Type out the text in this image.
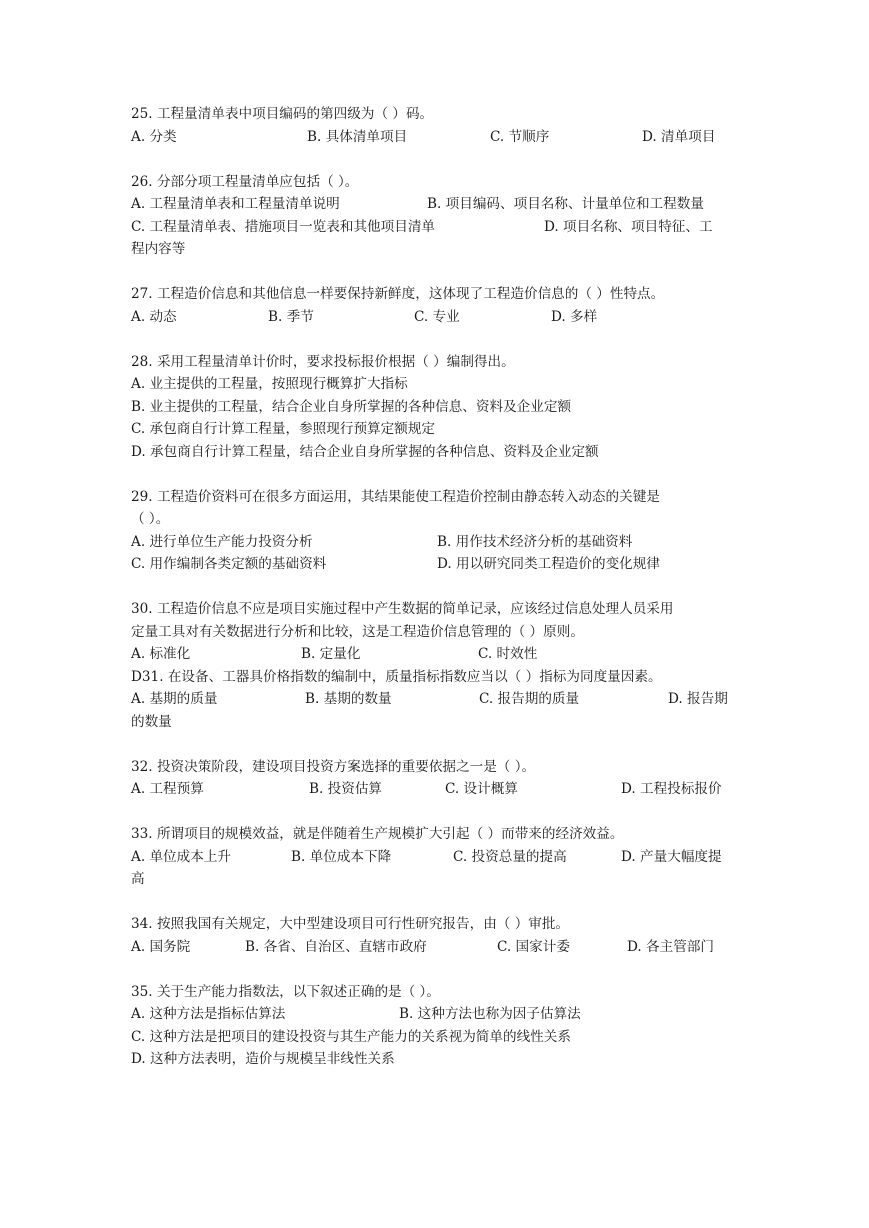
25. 工程量清单表中项目编码的第四级为（ ）码。
A. 分类	B. 具体清单项目	C. 节顺序	D. 清单项目
26. 分部分项工程量清单应包括（ ）。
A. 工程量清单表和工程量清单说明	B. 项目编码、项目名称、计量单位和工程数量
C. 工程量清单表、措施项目一览表和其他项目清单	D. 项目名称、项目特征、工
程内容等
27. 工程造价信息和其他信息一样要保持新鲜度，这体现了工程造价信息的（ ）性特点。
A. 动态	B. 季节	C. 专业	D. 多样
28. 采用工程量清单计价时，要求投标报价根据（ ）编制得出。
A. 业主提供的工程量，按照现行概算扩大指标
B. 业主提供的工程量，结合企业自身所掌握的各种信息、资料及企业定额
C. 承包商自行计算工程量，参照现行预算定额规定
D. 承包商自行计算工程量，结合企业自身所掌握的各种信息、资料及企业定额
29. 工程造价资料可在很多方面运用，其结果能使工程造价控制由静态转入动态的关键是
（ ）。
A. 进行单位生产能力投资分析	B. 用作技术经济分析的基础资料
C. 用作编制各类定额的基础资料	D. 用以研究同类工程造价的变化规律
30. 工程造价信息不应是项目实施过程中产生数据的简单记录，应该经过信息处理人员采用
定量工具对有关数据进行分析和比较，这是工程造价信息管理的（ ）原则。
A. 标准化	B. 定量化	C. 时效性
D31. 在设备、工器具价格指数的编制中，质量指标指数应当以（ ）指标为同度量因素。
A. 基期的质量	B. 基期的数量	C. 报告期的质量	D. 报告期
的数量
32. 投资决策阶段，建设项目投资方案选择的重要依据之一是（ ）。
A. 工程预算	B. 投资估算	C. 设计概算	D. 工程投标报价
33. 所谓项目的规模效益，就是伴随着生产规模扩大引起（ ）而带来的经济效益。
A. 单位成本上升	B. 单位成本下降	C. 投资总量的提高	D. 产量大幅度提
高
34. 按照我国有关规定，大中型建设项目可行性研究报告，由（ ）审批。
A. 国务院	B. 各省、自治区、直辖市政府	C. 国家计委	D. 各主管部门
35. 关于生产能力指数法，以下叙述正确的是（ ）。
A. 这种方法是指标估算法	B. 这种方法也称为因子估算法
C. 这种方法是把项目的建设投资与其生产能力的关系视为简单的线性关系
D. 这种方法表明，造价与规模呈非线性关系
